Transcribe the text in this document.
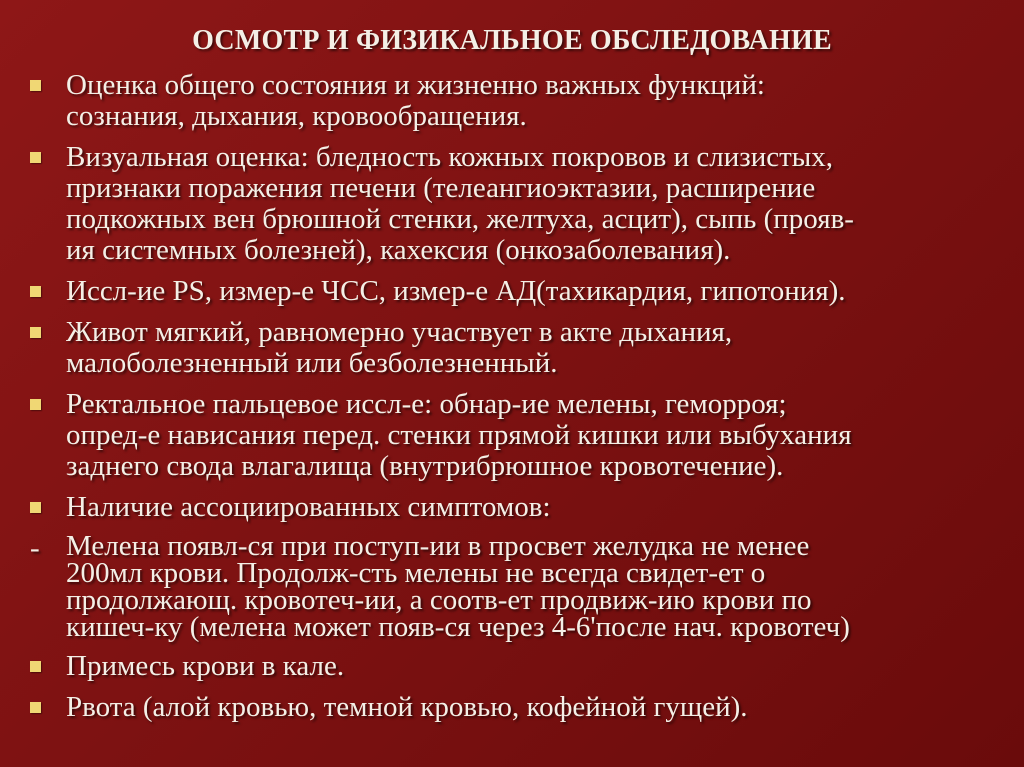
ОСМОТР И ФИЗИКАЛЬНОЕ ОБСЛЕДОВАНИЕ
Оценка общего состояния и жизненно важных функций:
сознания, дыхания, кровообращения.
Визуальная оценка: бледность кожных покровов и слизистых,
признаки поражения печени (телеангиоэктазии, расширение
подкожных вен брюшной стенки, желтуха, асцит), сыпь (прояв-
ия системных болезней), кахексия (онкозаболевания).
Иссл-ие PS, измер-е ЧСС, измер-е АД(тахикардия, гипотония).
Живот мягкий, равномерно участвует в акте дыхания,
малоболезненный или безболезненный.
Ректальное пальцевое иссл-е: обнар-ие мелены, геморроя;
опред-е нависания перед. стенки прямой кишки или выбухания
заднего свода влагалища (внутрибрюшное кровотечение).
Наличие ассоциированных симптомов:
- Мелена появл-ся при поступ-ии в просвет желудка не менее
200мл крови. Продолж-сть мелены не всегда свидет-ет о
продолжающ. кровотеч-ии, а соотв-ет продвиж-ию крови по
кишеч-ку (мелена может появ-ся через 4-6'после нач. кровотеч)
Примесь крови в кале.
Рвота (алой кровью, темной кровью, кофейной гущей).
